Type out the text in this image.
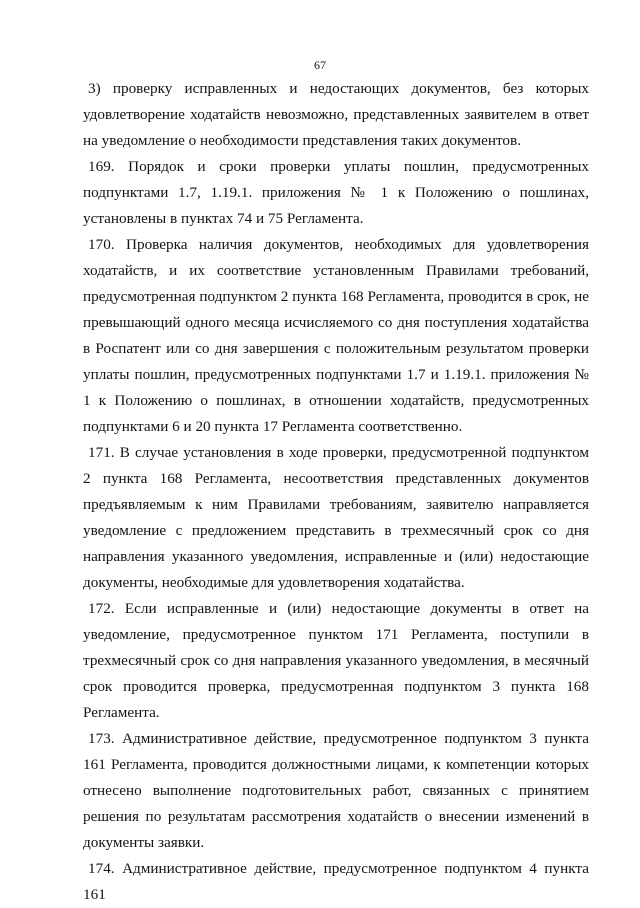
67

3) проверку исправленных и недостающих документов, без которых удовлетворение ходатайств невозможно, представленных заявителем в ответ на уведомление о необходимости представления таких документов.

169. Порядок и сроки проверки уплаты пошлин, предусмотренных подпунктами 1.7, 1.19.1. приложения № 1 к Положению о пошлинах, установлены в пунктах 74 и 75 Регламента.

170. Проверка наличия документов, необходимых для удовлетворения ходатайств, и их соответствие установленным Правилами требований, предусмотренная подпунктом 2 пункта 168 Регламента, проводится в срок, не превышающий одного месяца исчисляемого со дня поступления ходатайства в Роспатент или со дня завершения с положительным результатом проверки уплаты пошлин, предусмотренных подпунктами 1.7 и 1.19.1. приложения № 1 к Положению о пошлинах, в отношении ходатайств, предусмотренных подпунктами 6 и 20 пункта 17 Регламента соответственно.

171. В случае установления в ходе проверки, предусмотренной подпунктом 2 пункта 168 Регламента, несоответствия представленных документов предъявляемым к ним Правилами требованиям, заявителю направляется уведомление с предложением представить в трехмесячный срок со дня направления указанного уведомления, исправленные и (или) недостающие документы, необходимые для удовлетворения ходатайства.

172. Если исправленные и (или) недостающие документы в ответ на уведомление, предусмотренное пунктом 171 Регламента, поступили в трехмесячный срок со дня направления указанного уведомления, в месячный срок проводится проверка, предусмотренная подпунктом 3 пункта 168 Регламента.

173. Административное действие, предусмотренное подпунктом 3 пункта 161 Регламента, проводится должностными лицами, к компетенции которых отнесено выполнение подготовительных работ, связанных с принятием решения по результатам рассмотрения ходатайств о внесении изменений в документы заявки.

174. Административное действие, предусмотренное подпунктом 4 пункта 161
